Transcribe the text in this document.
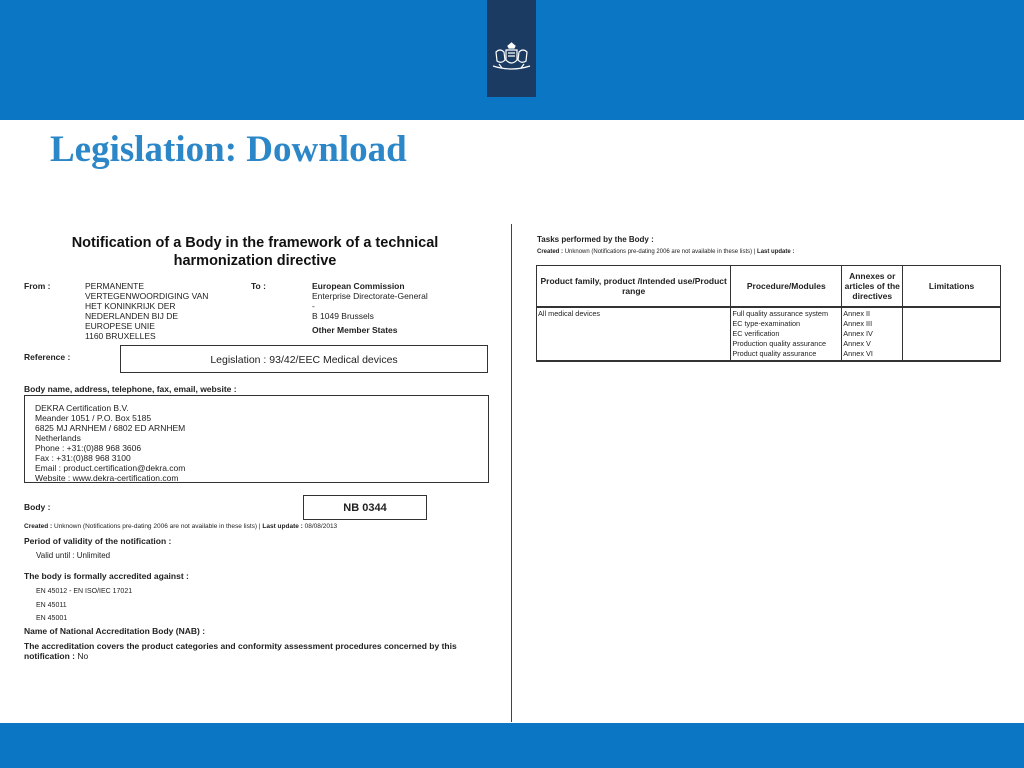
Legislation: Download
Notification of a Body in the framework of a technical harmonization directive
From :	PERMANENTE
VERTEGENWOORDIGING VAN
HET KONINKRIJK DER
NEDERLANDEN BIJ DE
EUROPESE UNIE
1160 BRUXELLES
To :	European Commission
Enterprise Directorate-General
-
B 1049 Brussels
Other Member States
Reference :	Legislation : 93/42/EEC Medical devices
Body name, address, telephone, fax, email, website :
DEKRA Certification B.V.
Meander 1051 / P.O. Box 5185
6825 MJ ARNHEM / 6802 ED ARNHEM
Netherlands
Phone : +31:(0)88 968 3606
Fax : +31:(0)88 968 3100
Email : product.certification@dekra.com
Website : www.dekra-certification.com
Body :	NB 0344
Created : Unknown (Notifications pre-dating 2006 are not available in these lists) | Last update : 08/08/2013
Period of validity of the notification :
Valid until : Unlimited
The body is formally accredited against :
EN 45012 - EN ISO/IEC 17021
EN 45011
EN 45001
Name of National Accreditation Body (NAB) :
The accreditation covers the product categories and conformity assessment procedures concerned by this
notification : No
Tasks performed by the Body :
Created : Unknown (Notifications pre-dating 2006 are not available in these lists) | Last update :
Product family, product /Intended use/Product range	Procedure/Modules	Annexes or articles of the directives	Limitations

All medical devices	Full quality assurance system
EC type-examination
EC verification
Production quality assurance
Product quality assurance	Annex II
Annex III
Annex IV
Annex V
Annex VI	
